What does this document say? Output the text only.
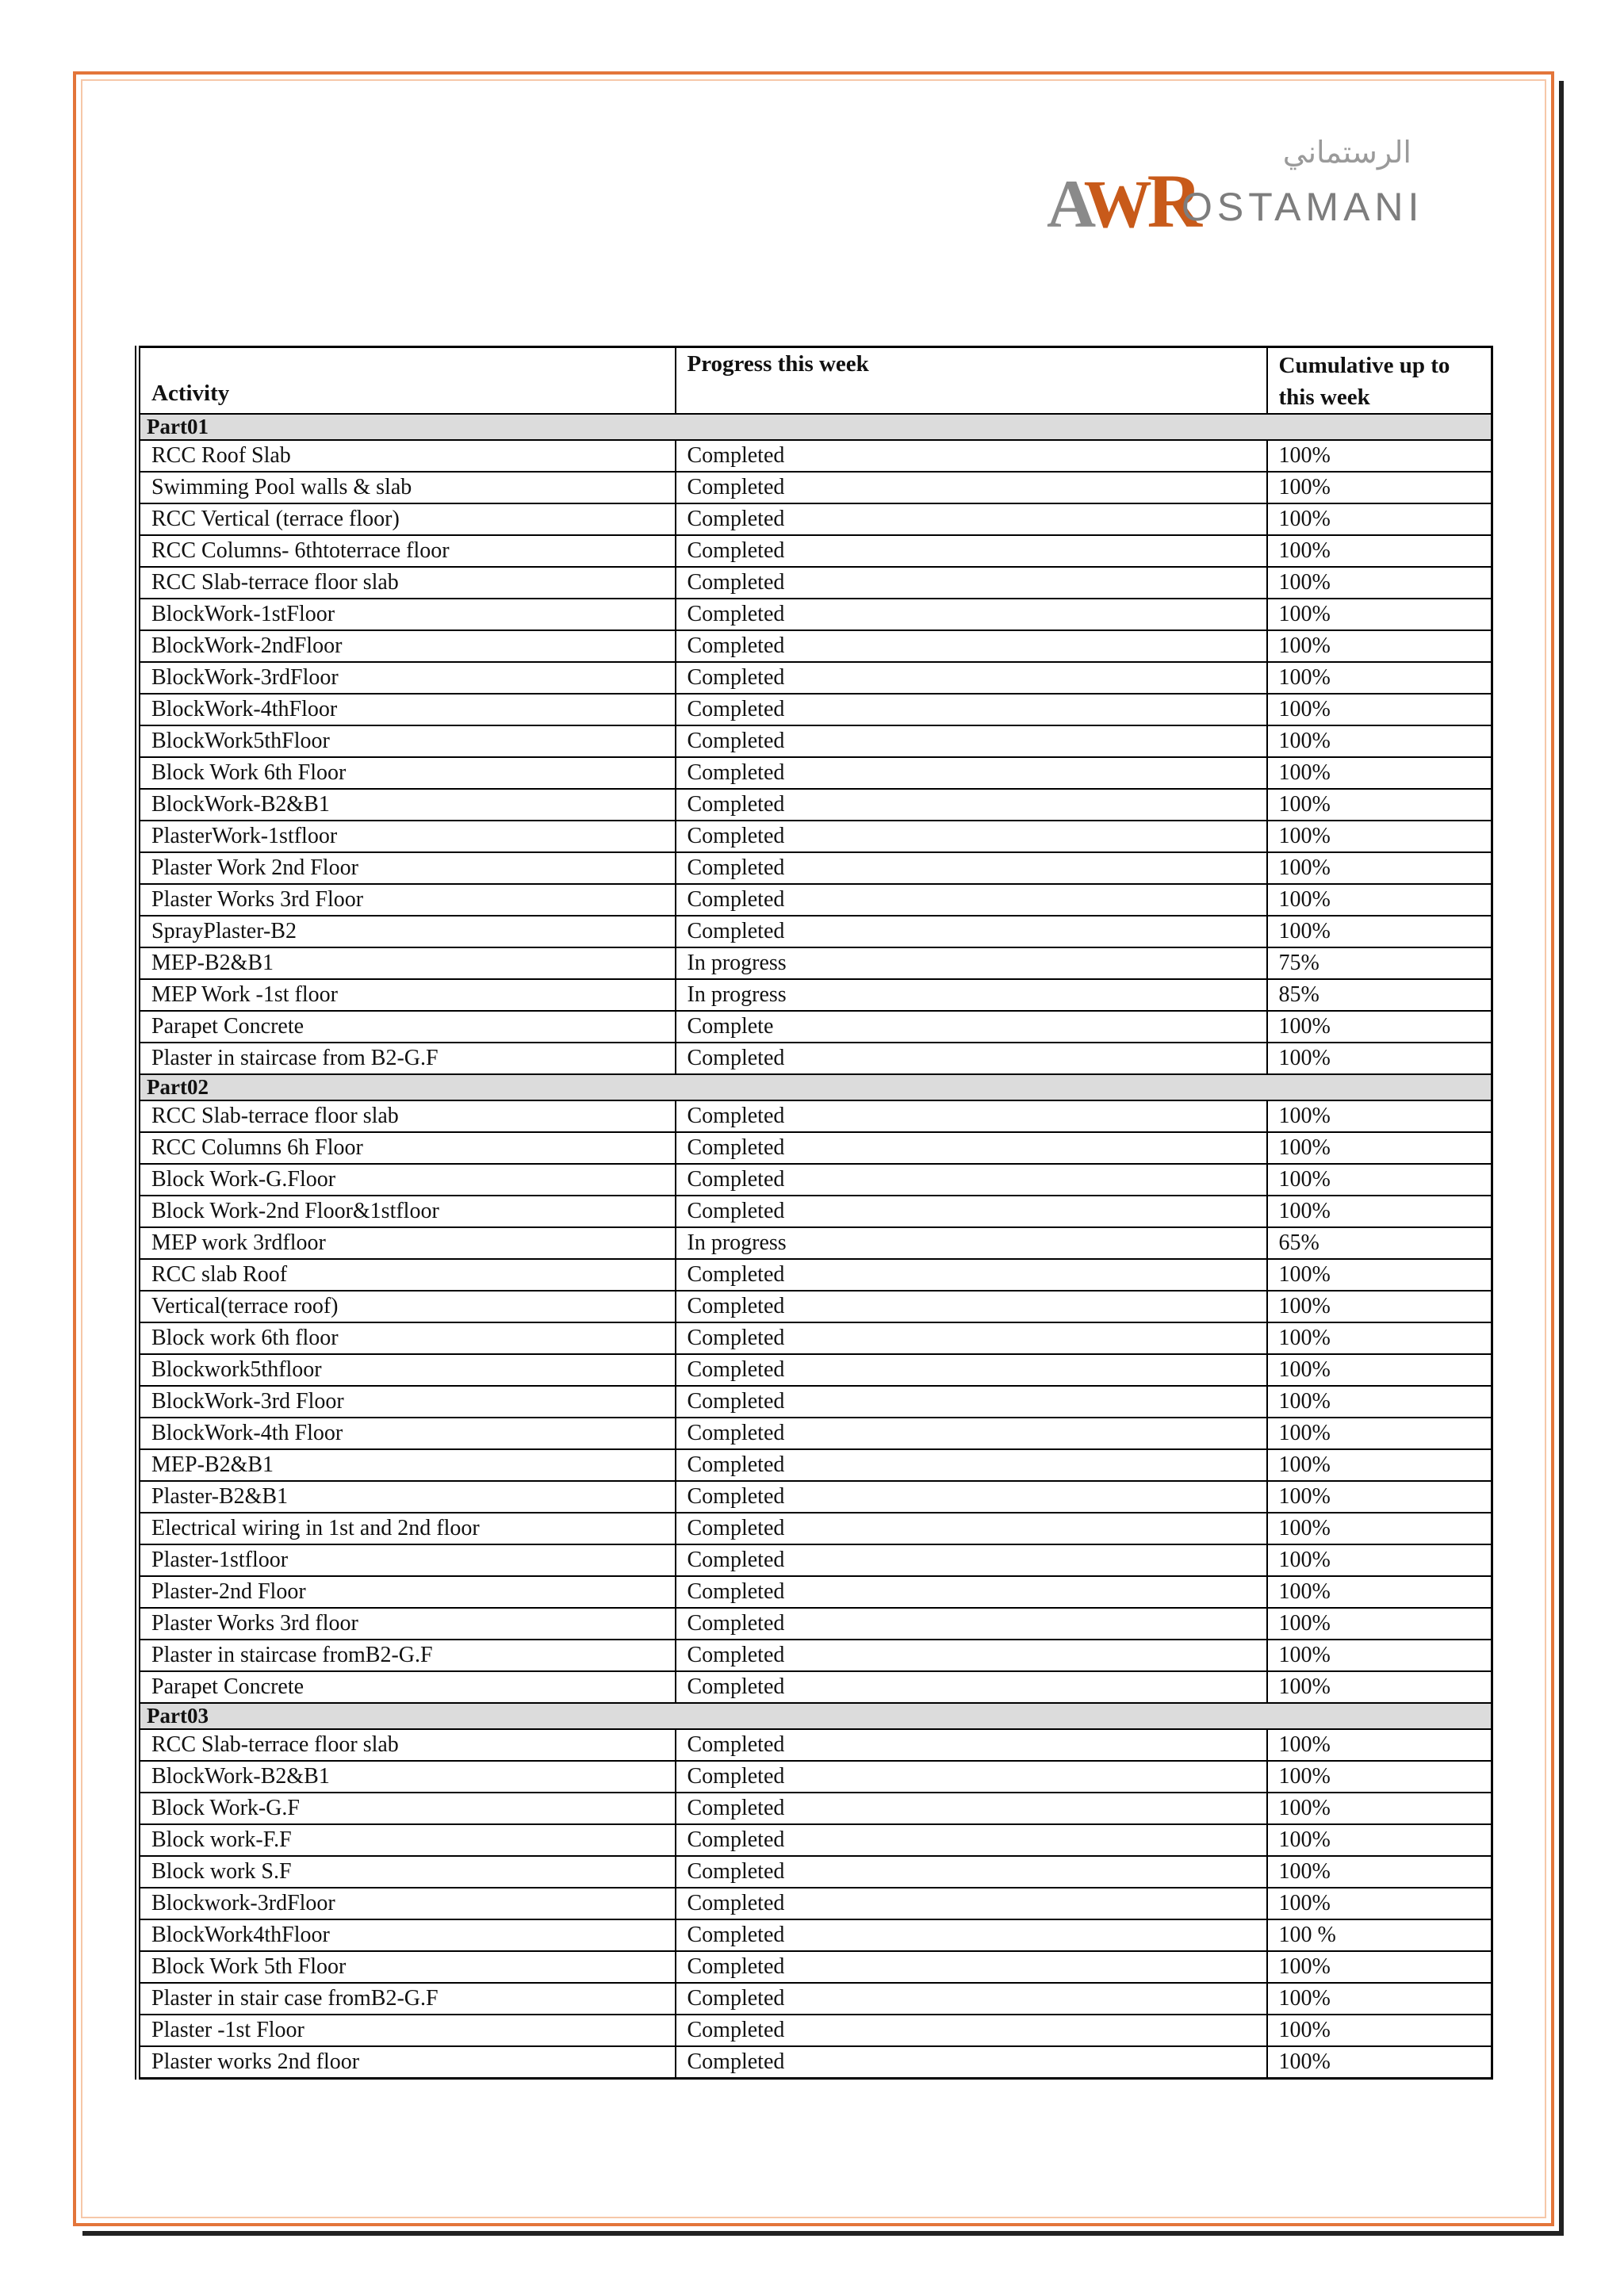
الرستماني
AWR
OSTAMANI
Activity	Progress this week	Cumulative up to this week
Part01		
RCC Roof Slab	Completed	100%
Swimming Pool walls & slab	Completed	100%
RCC Vertical (terrace floor)	Completed	100%
RCC Columns- 6thtoterrace floor	Completed	100%
RCC Slab-terrace floor slab	Completed	100%
BlockWork-1stFloor	Completed	100%
BlockWork-2ndFloor	Completed	100%
BlockWork-3rdFloor	Completed	100%
BlockWork-4thFloor	Completed	100%
BlockWork5thFloor	Completed	100%
Block Work 6th Floor	Completed	100%
BlockWork-B2&B1	Completed	100%
PlasterWork-1stfloor	Completed	100%
Plaster Work 2nd Floor	Completed	100%
Plaster Works 3rd Floor	Completed	100%
SprayPlaster-B2	Completed	100%
MEP-B2&B1	In progress	75%
MEP Work -1st floor	In progress	85%
Parapet Concrete	Complete	100%
Plaster in staircase from B2-G.F	Completed	100%
Part02		
RCC Slab-terrace floor slab	Completed	100%
RCC Columns 6h Floor	Completed	100%
Block Work-G.Floor	Completed	100%
Block Work-2nd Floor&1stfloor	Completed	100%
MEP work 3rdfloor	In progress	65%
RCC slab Roof	Completed	100%
Vertical(terrace roof)	Completed	100%
Block work 6th floor	Completed	100%
Blockwork5thfloor	Completed	100%
BlockWork-3rd Floor	Completed	100%
BlockWork-4th Floor	Completed	100%
MEP-B2&B1	Completed	100%
Plaster-B2&B1	Completed	100%
Electrical wiring in 1st and 2nd floor	Completed	100%
Plaster-1stfloor	Completed	100%
Plaster-2nd Floor	Completed	100%
Plaster Works 3rd floor	Completed	100%
Plaster in staircase fromB2-G.F	Completed	100%
Parapet Concrete	Completed	100%
Part03		
RCC Slab-terrace floor slab	Completed	100%
BlockWork-B2&B1	Completed	100%
Block Work-G.F	Completed	100%
Block work-F.F	Completed	100%
Block work S.F	Completed	100%
Blockwork-3rdFloor	Completed	100%
BlockWork4thFloor	Completed	100 %
Block Work 5th Floor	Completed	100%
Plaster in stair case fromB2-G.F	Completed	100%
Plaster -1st Floor	Completed	100%
Plaster works 2nd floor	Completed	100%
